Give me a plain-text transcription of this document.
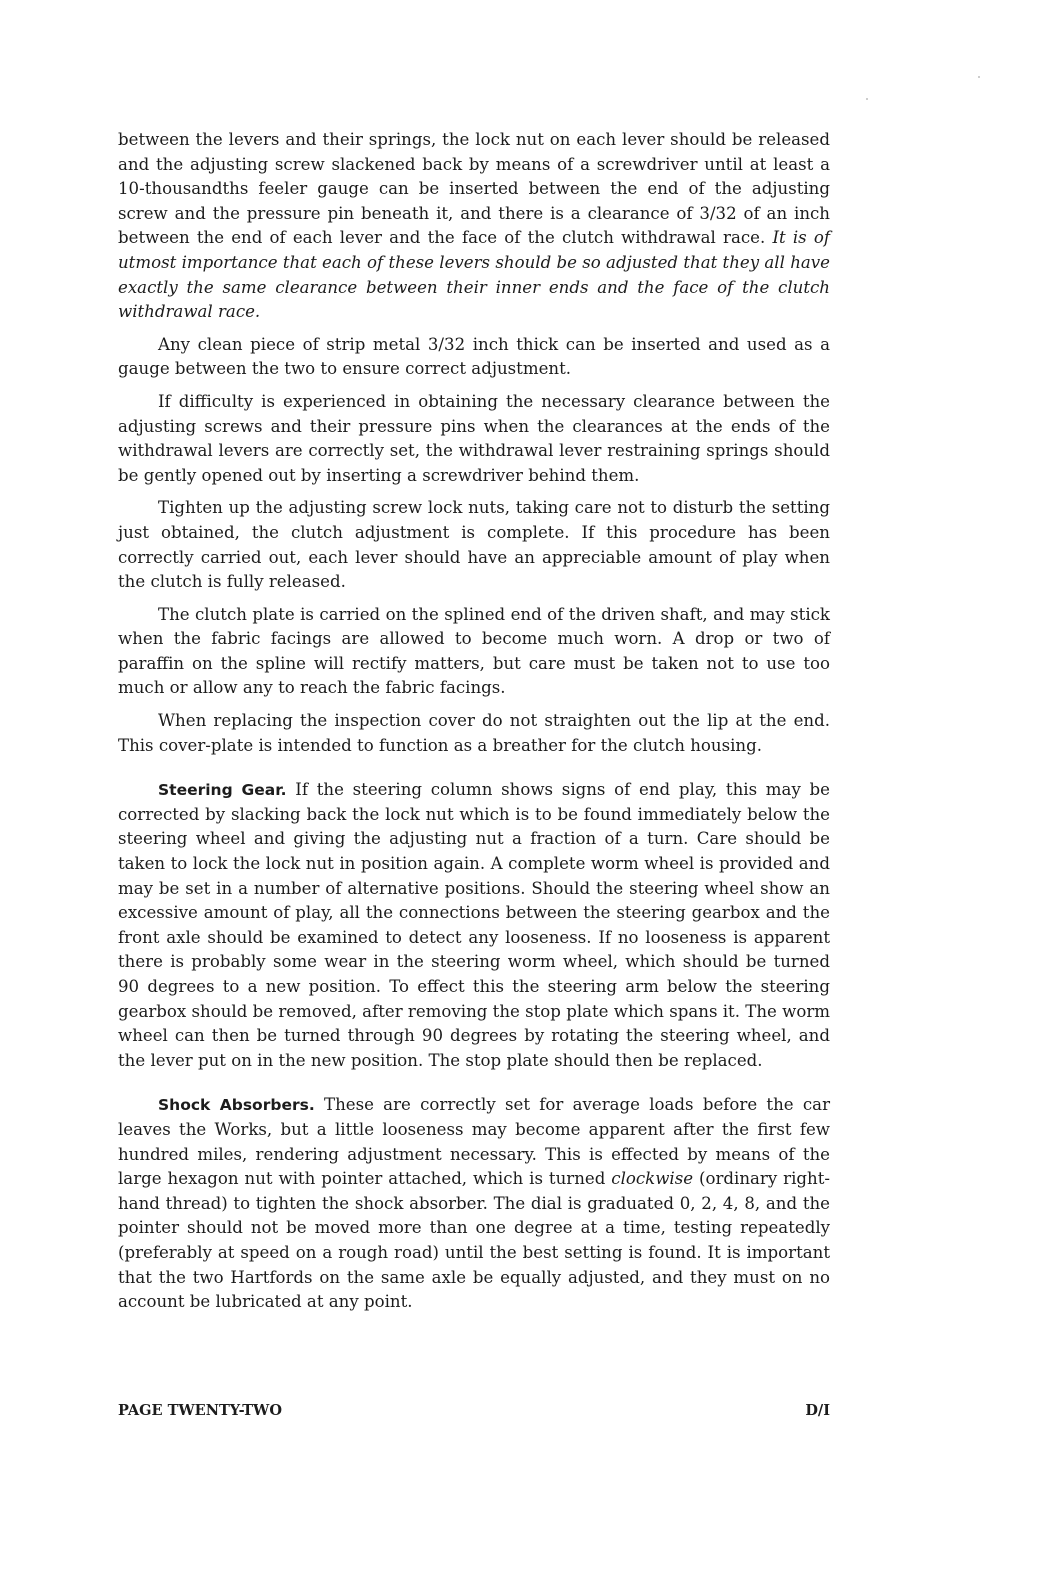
between the levers and their springs, the lock nut on each lever should be released and the adjusting screw slackened back by means of a screwdriver until at least a 10-thousandths feeler gauge can be inserted between the end of the adjusting screw and the pressure pin beneath it, and there is a clearance of 3/32 of an inch between the end of each lever and the face of the clutch withdrawal race. It is of utmost importance that each of these levers should be so adjusted that they all have exactly the same clearance between their inner ends and the face of the clutch withdrawal race.

Any clean piece of strip metal 3/32 inch thick can be inserted and used as a gauge between the two to ensure correct adjustment.

If difficulty is experienced in obtaining the necessary clearance between the adjusting screws and their pressure pins when the clearances at the ends of the withdrawal levers are correctly set, the withdrawal lever restraining springs should be gently opened out by inserting a screwdriver behind them.

Tighten up the adjusting screw lock nuts, taking care not to disturb the setting just obtained, the clutch adjustment is complete. If this procedure has been correctly carried out, each lever should have an appreciable amount of play when the clutch is fully released.

The clutch plate is carried on the splined end of the driven shaft, and may stick when the fabric facings are allowed to become much worn. A drop or two of paraffin on the spline will rectify matters, but care must be taken not to use too much or allow any to reach the fabric facings.

When replacing the inspection cover do not straighten out the lip at the end. This cover-plate is intended to function as a breather for the clutch housing.

Steering Gear. If the steering column shows signs of end play, this may be corrected by slacking back the lock nut which is to be found immediately below the steering wheel and giving the adjusting nut a fraction of a turn. Care should be taken to lock the lock nut in position again. A complete worm wheel is provided and may be set in a number of alternative positions. Should the steering wheel show an excessive amount of play, all the connections between the steering gearbox and the front axle should be examined to detect any looseness. If no looseness is apparent there is probably some wear in the steering worm wheel, which should be turned 90 degrees to a new position. To effect this the steering arm below the steering gearbox should be removed, after removing the stop plate which spans it. The worm wheel can then be turned through 90 degrees by rotating the steering wheel, and the lever put on in the new position. The stop plate should then be replaced.

Shock Absorbers. These are correctly set for average loads before the car leaves the Works, but a little looseness may become apparent after the first few hundred miles, rendering adjustment necessary. This is effected by means of the large hexagon nut with pointer attached, which is turned clockwise (ordinary right-hand thread) to tighten the shock absorber. The dial is graduated 0, 2, 4, 8, and the pointer should not be moved more than one degree at a time, testing repeatedly (preferably at speed on a rough road) until the best setting is found. It is important that the two Hartfords on the same axle be equally adjusted, and they must on no account be lubricated at any point.

PAGE TWENTY-TWO	D/I
